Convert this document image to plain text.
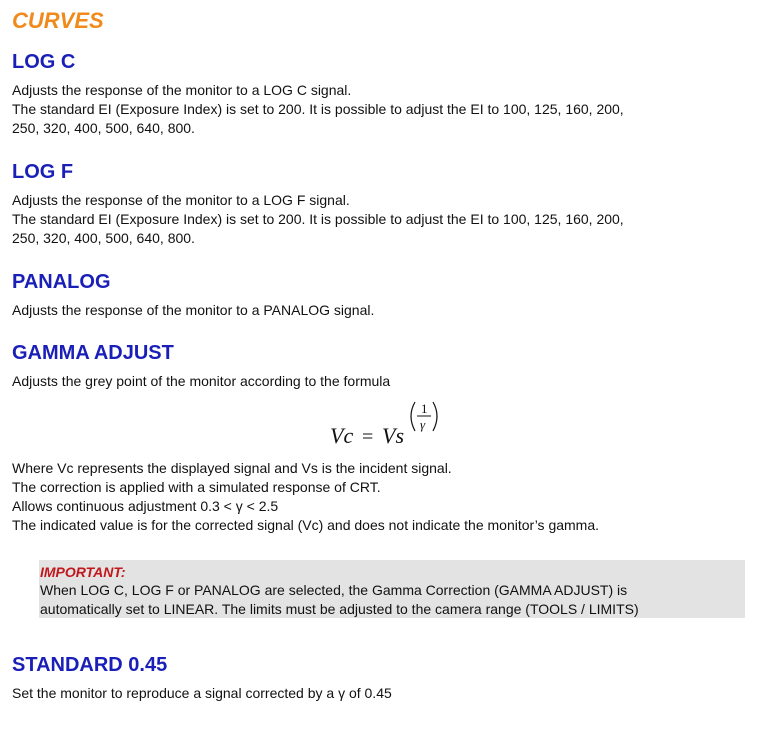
CURVES
LOG C

Adjusts the response of the monitor to a LOG C signal.

The standard EI (Exposure Index) is set to 200. It is possible to adjust the EI to 100, 125, 160, 200,

250, 320, 400, 500, 640, 800.

LOG F

Adjusts the response of the monitor to a LOG F signal.

The standard EI (Exposure Index) is set to 200. It is possible to adjust the EI to 100, 125, 160, 200,

250, 320, 400, 500, 640, 800.

PANALOG

Adjusts the response of the monitor to a PANALOG signal.

GAMMA ADJUST

Adjusts the grey point of the monitor according to the formula

Vc = Vs
1
γ

Where Vc represents the displayed signal and Vs is the incident signal.

The correction is applied with a simulated response of CRT.

Allows continuous adjustment 0.3 < γ < 2.5

The indicated value is for the corrected signal (Vc) and does not indicate the monitor’s gamma.

IMPORTANT:

When LOG C, LOG F or PANALOG are selected, the Gamma Correction (GAMMA ADJUST) is

automatically set to LINEAR. The limits must be adjusted to the camera range (TOOLS / LIMITS)

STANDARD 0.45

Set the monitor to reproduce a signal corrected by a γ of 0.45
